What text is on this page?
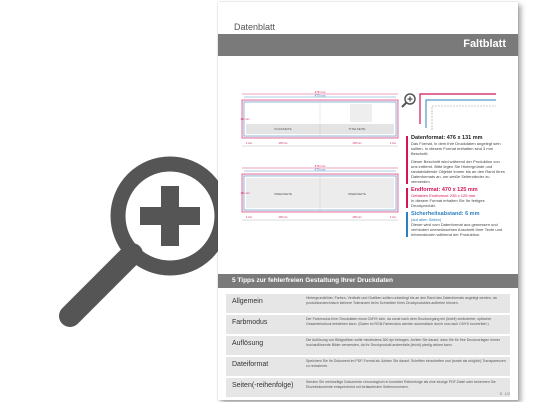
Faltblatt
Datenblatt
476 mm
470 mm
131 mm
RÜCKSEITE	TITELSEITE
4 mm	235 mm	235 mm	4 mm
476 mm
470 mm
131 mm	INNENSEITE	INNENSEITE
4 mm	235 mm	235 mm	4 mm
Datenformat: 476 x 131 mm
Das Format, in dem Ihre Druckdaten angelegt sein sollten. In diesem Format enthalten sind 3 mm Beschnitt.
Dieser Beschnitt wird während der Produktion von uns entfernt. Bitte legen Sie Hintergründe und randabfallende Objekte immer bis an den Rand Ihres Datenformats an, um weiße Seitenränder zu vermeiden.
Endformat: 470 x 125 mm
Gefalzten Endformat: 235 x 125 mm
In diesem Format erhalten Sie Ihr fertiges Druckprodukt.
Sicherheitsabstand: 6 mm
(auf allen Seiten)
Dieser wird vom Datenformat aus gemessen und verhindert unerwünschten Anschnitt Ihrer Texte und Informationen während der Produktion.
5 Tipps zur fehlerfreien Gestaltung Ihrer Druckdaten
Allgemein	Hintergrundbilder, Farben, Verläufe und Grafiken sollten unbedingt bis an den Rand des Datenformats angelegt werden, da produktionstechnisch kleinere Toleranzen beim Schneiden Ihres Druckproduktes auftreten können.
Farbmodus	Der Farbmodus Ihrer Druckdaten muss CMYK sein, da sonst nach dem Druckvorgang ein (leicht) veränderter, optischer Gesamteindruck entstehen kann. (Daten im RGB-Farbmodus werden automatisch durch uns nach CMYK konvertiert.)
Auflösung	Die Auflösung von Bildgrafiken sollte mindestens 300 dpi betragen. Achten Sie darauf, dass Sie für Ihre Druckvorlagen immer hochauflösende Bilder verwenden, da Ihr Druckprodukt andernfalls (leicht) pixelig wirken kann.
Dateiformat	Speichern Sie Ihr Dokument im PDF-Format ab. Achten Sie darauf, Schriften einzubetten und (sowie als möglich) Transparenzen zu reduzieren.
Seiten(-reihenfolge)	Senden Sie mehrseitige Dokumente chronologisch in korrekter Reihenfolge als eine einzige PDF-Datei oder benennen Sie Einzeldokumente entsprechend mit fortlaufenden Seitennummern.
S. 1/2
